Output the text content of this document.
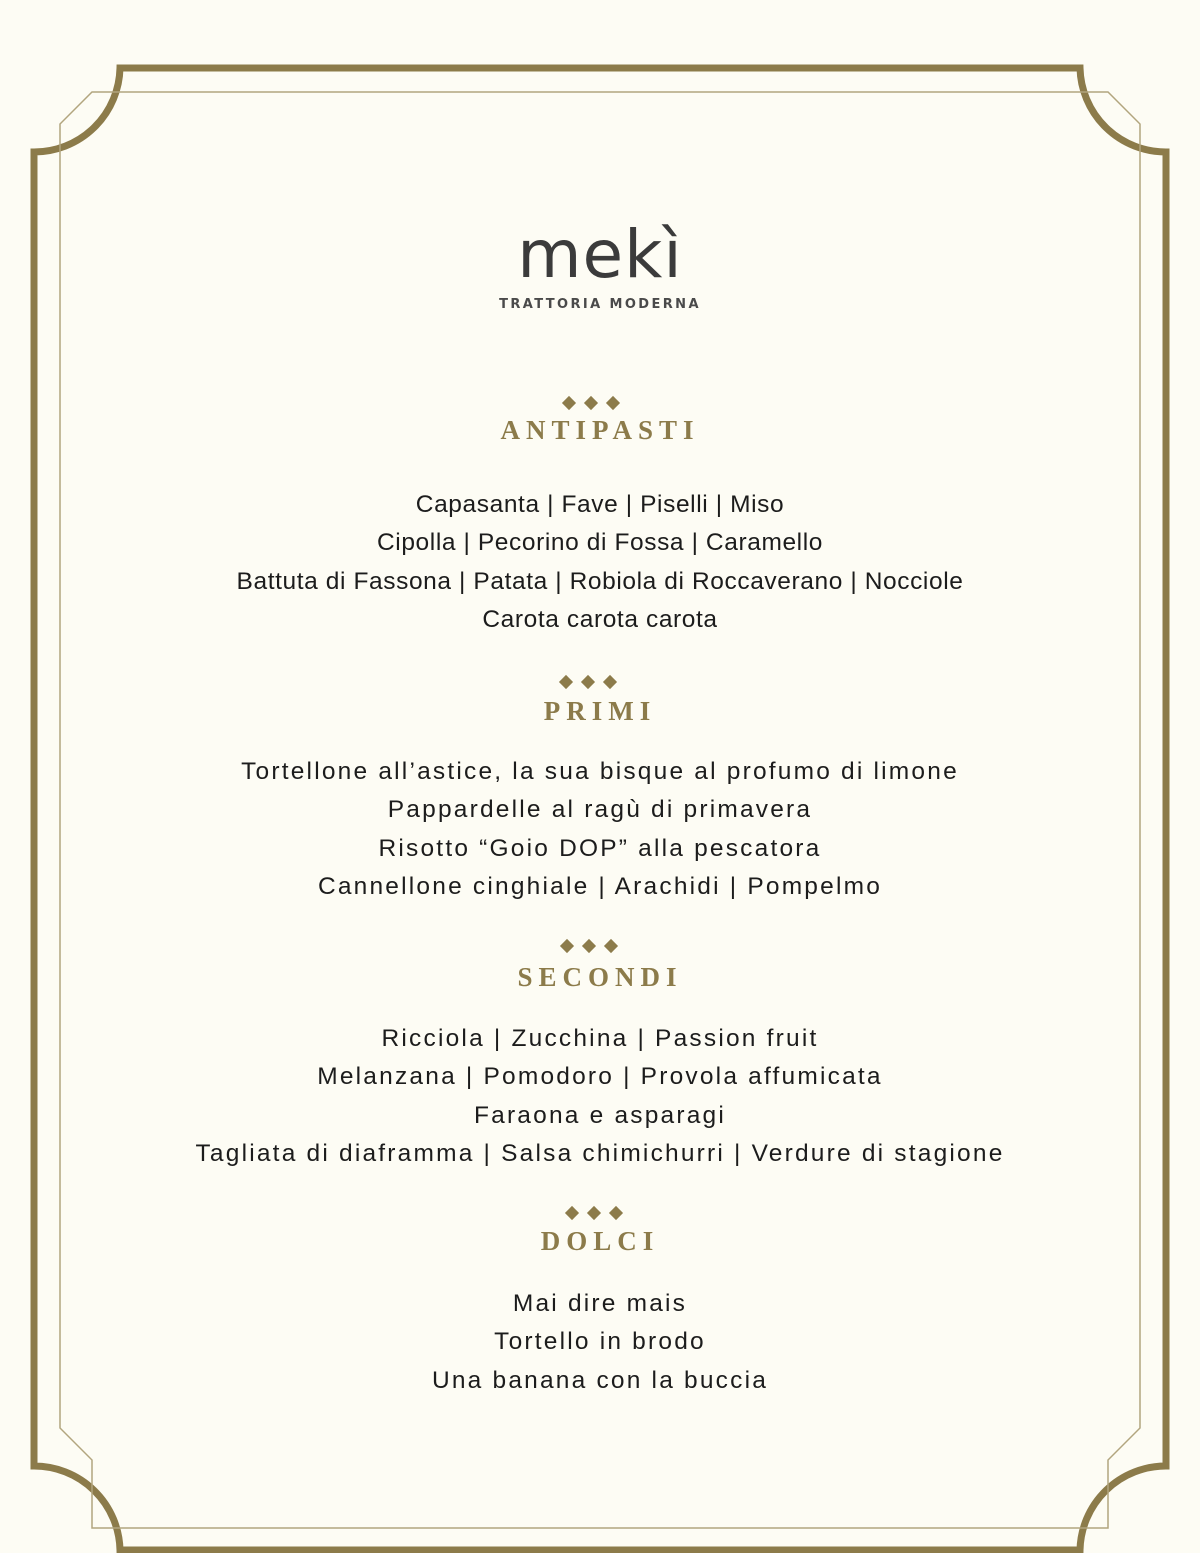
mekì
TRATTORIA MODERNA
ANTIPASTI
Capasanta | Fave | Piselli | Miso
Cipolla | Pecorino di Fossa | Caramello
Battuta di Fassona | Patata | Robiola di Roccaverano | Nocciole
Carota carota carota
PRIMI
Tortellone all’astice, la sua bisque al profumo di limone
Pappardelle al ragù di primavera
Risotto “Goio DOP” alla pescatora
Cannellone cinghiale | Arachidi | Pompelmo
SECONDI
Ricciola | Zucchina | Passion fruit
Melanzana | Pomodoro | Provola affumicata
Faraona e asparagi
Tagliata di diaframma | Salsa chimichurri | Verdure di stagione
DOLCI
Mai dire mais
Tortello in brodo
Una banana con la buccia
